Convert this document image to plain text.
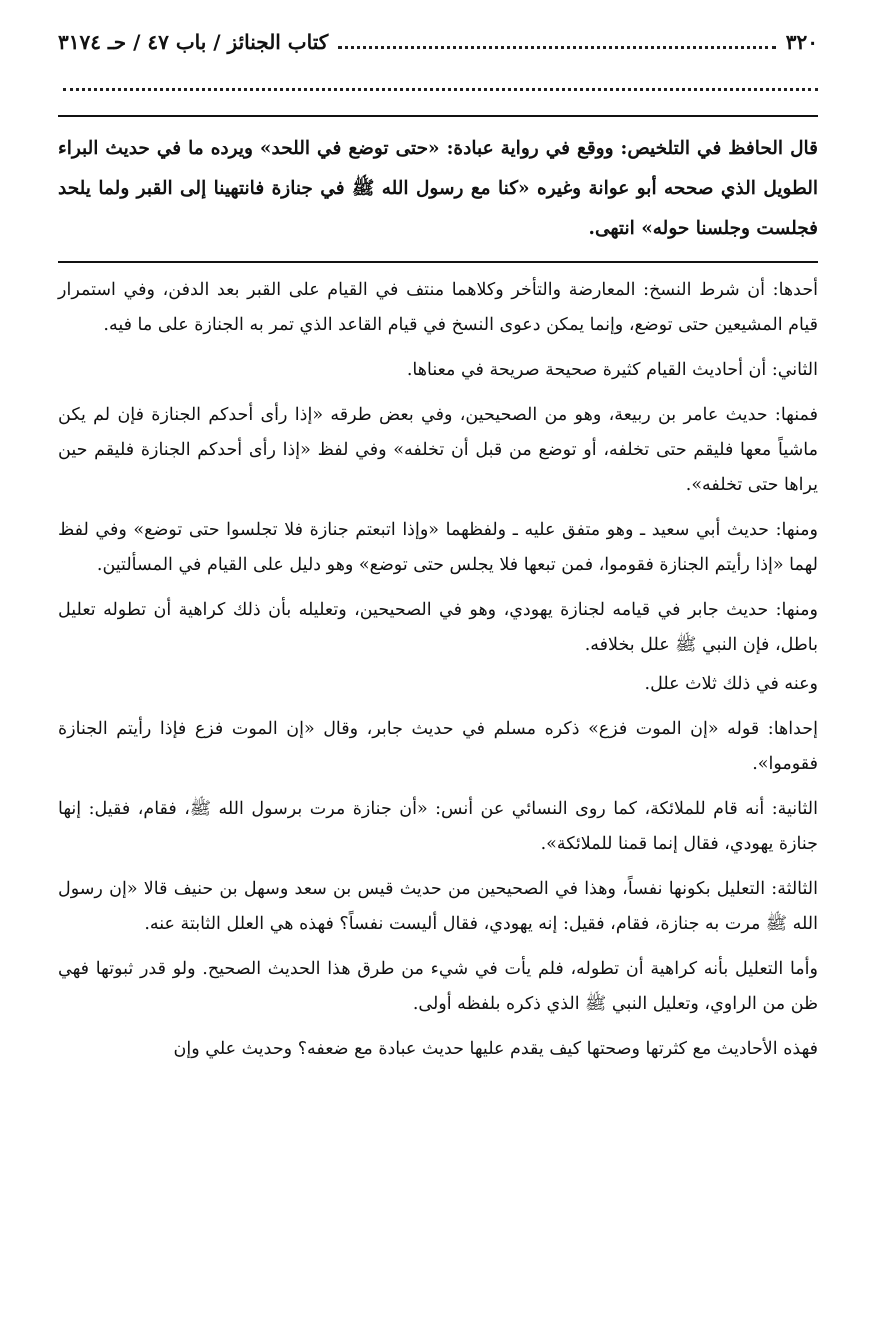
٣٢٠
كتاب الجنائز / باب ٤٧ / حـ ٣١٧٤
قال الحافظ في التلخيص: ووقع في رواية عبادة: «حتى توضع في اللحد» ويرده ما في حديث البراء الطويل الذي صححه أبو عوانة وغيره «كنا مع رسول الله ﷺ في جنازة فانتهينا إلى القبر ولما يلحد فجلست وجلسنا حوله» انتهى.

أحدها: أن شرط النسخ: المعارضة والتأخر وكلاهما منتف في القيام على القبر بعد الدفن، وفي استمرار قيام المشيعين حتى توضع، وإنما يمكن دعوى النسخ في قيام القاعد الذي تمر به الجنازة على ما فيه.

الثاني: أن أحاديث القيام كثيرة صحيحة صريحة في معناها.

فمنها: حديث عامر بن ربيعة، وهو من الصحيحين، وفي بعض طرقه «إذا رأى أحدكم الجنازة فإن لم يكن ماشياً معها فليقم حتى تخلفه، أو توضع من قبل أن تخلفه» وفي لفظ «إذا رأى أحدكم الجنازة فليقم حين يراها حتى تخلفه».

ومنها: حديث أبي سعيد ـ وهو متفق عليه ـ ولفظهما «وإذا اتبعتم جنازة فلا تجلسوا حتى توضع» وفي لفظ لهما «إذا رأيتم الجنازة فقوموا، فمن تبعها فلا يجلس حتى توضع» وهو دليل على القيام في المسألتين.

ومنها: حديث جابر في قيامه لجنازة يهودي، وهو في الصحيحين، وتعليله بأن ذلك كراهية أن تطوله تعليل باطل، فإن النبي ﷺ علل بخلافه.

وعنه في ذلك ثلاث علل.

إحداها: قوله «إن الموت فزع» ذكره مسلم في حديث جابر، وقال «إن الموت فزع فإذا رأيتم الجنازة فقوموا».

الثانية: أنه قام للملائكة، كما روى النسائي عن أنس: «أن جنازة مرت برسول الله ﷺ، فقام، فقيل: إنها جنازة يهودي، فقال إنما قمنا للملائكة».

الثالثة: التعليل بكونها نفساً، وهذا في الصحيحين من حديث قيس بن سعد وسهل بن حنيف قالا «إن رسول الله ﷺ مرت به جنازة، فقام، فقيل: إنه يهودي، فقال أليست نفساً؟ فهذه هي العلل الثابتة عنه.

وأما التعليل بأنه كراهية أن تطوله، فلم يأت في شيء من طرق هذا الحديث الصحيح. ولو قدر ثبوتها فهي ظن من الراوي، وتعليل النبي ﷺ الذي ذكره بلفظه أولى.

فهذه الأحاديث مع كثرتها وصحتها كيف يقدم عليها حديث عبادة مع ضعفه؟ وحديث علي وإن
